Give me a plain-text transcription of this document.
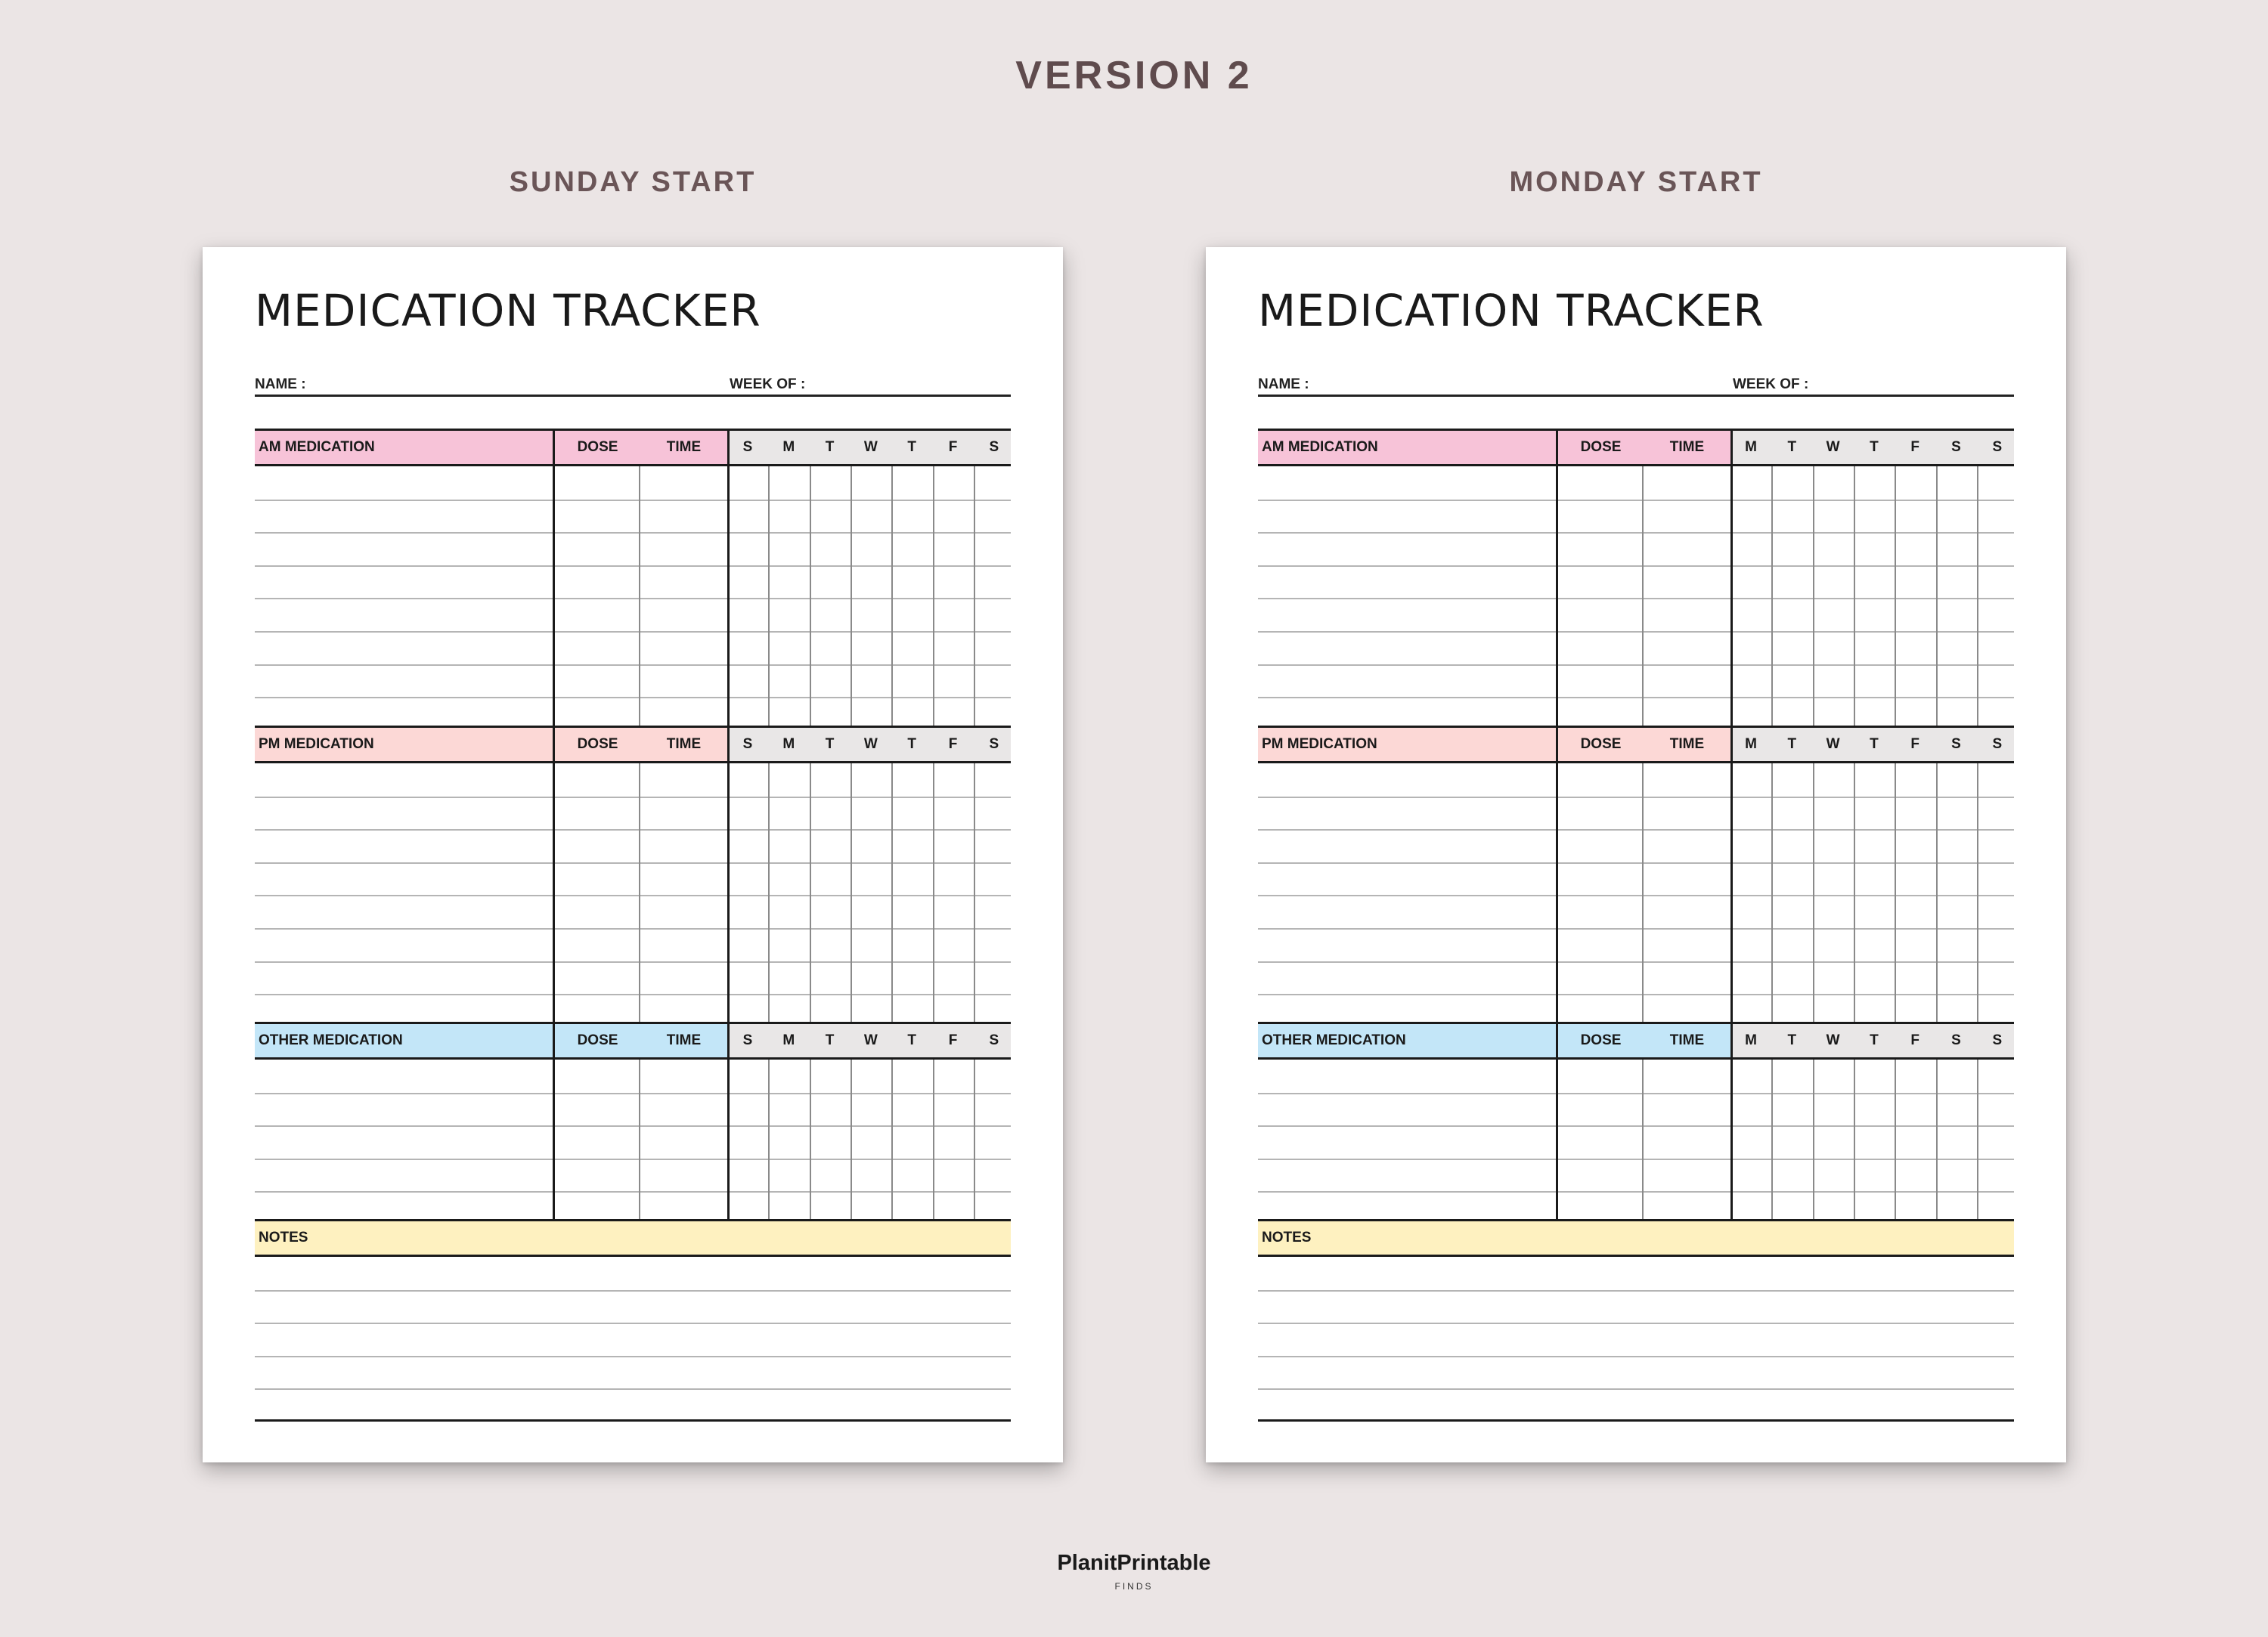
VERSION 2
SUNDAY START	MONDAY START
MEDICATION TRACKER
NAME :	WEEK OF :
AM MEDICATION	DOSE	TIME	S	M	T	W	T	F	S
PM MEDICATION	DOSE	TIME	S	M	T	W	T	F	S
OTHER MEDICATION	DOSE	TIME	S	M	T	W	T	F	S
NOTES
MEDICATION TRACKER
NAME :	WEEK OF :
AM MEDICATION	DOSE	TIME	M	T	W	T	F	S	S
PM MEDICATION	DOSE	TIME	M	T	W	T	F	S	S
OTHER MEDICATION	DOSE	TIME	M	T	W	T	F	S	S
NOTES
PlanitPrintable
FINDS
